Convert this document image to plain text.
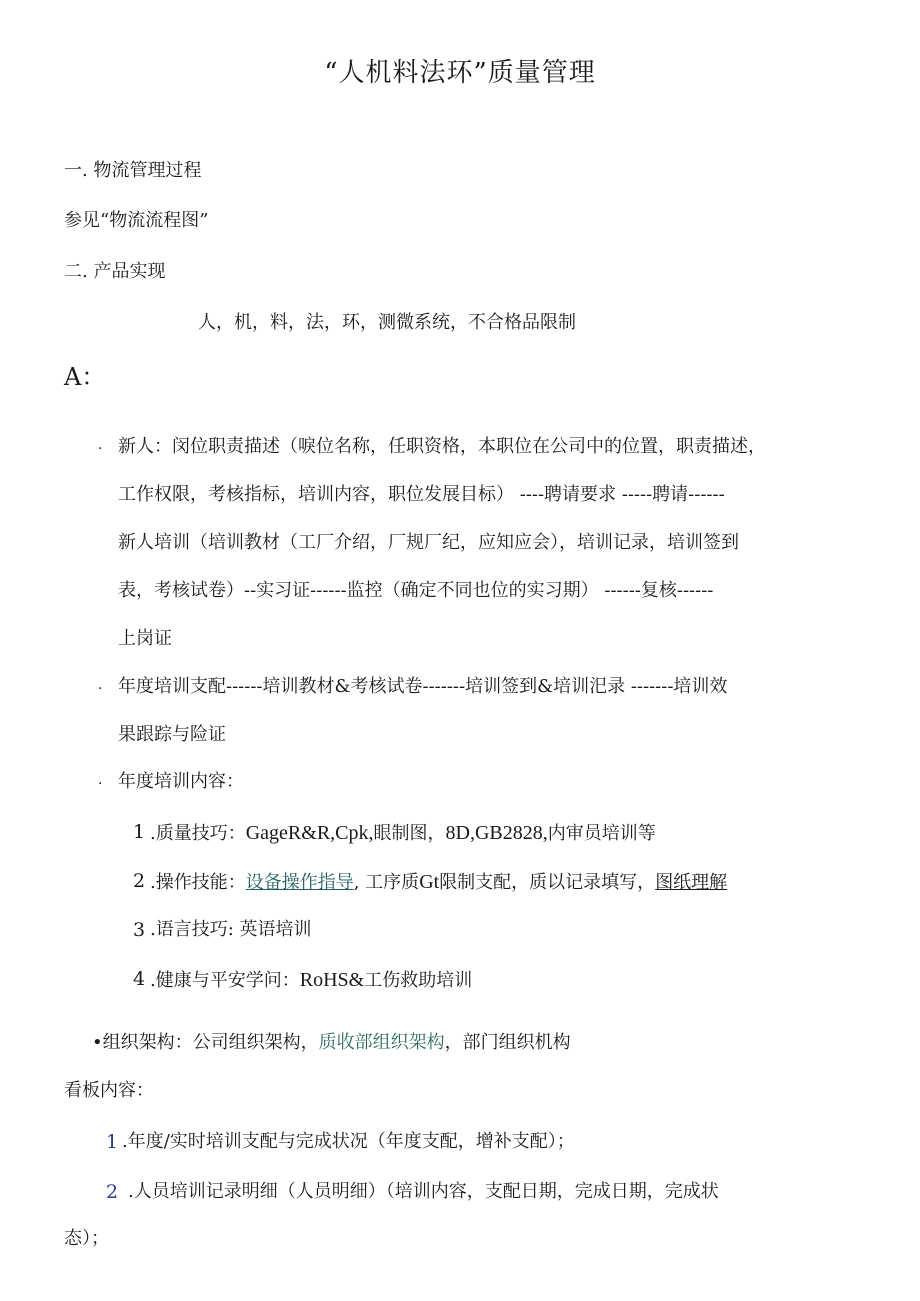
“人机料法环”质量管理
一. 物流管理过程
参见“物流流程图”
二. 产品实现
人，机，料，法，环，测微系统，不合格品限制
A：
· 新人：闵位职责描述（唳位名称，任职资格，本职位在公司中的位置，职责描述，
工作权限，考核指标，培训内容，职位发展目标） ----聘请要求 -----聘请------
新人培训（培训教材（工厂介绍，厂规厂纪，应知应会），培训记录，培训签到
表，考核试卷）--实习证------监控（确定不同也位的实习期） ------复核------
上岗证
· 年度培训支配------培训教材&考核试卷-------培训签到&培训汜录 -------培训效
果跟踪与险证
· 年度培训内容：
1 .质量技巧：GageR&R,Cpk,眼制图，8D,GB2828,内审员培训等
2 .操作技能：设备操作指导, 工序质Gt限制支配，质以记录填写，图纸理解
3 .语言技巧: 英语培训
4 .健康与平安学问：RoHS&工伤救助培训
•组织架构：公司组织架构，质收部组织架构，部门组织机构
看板内容：
1 .年度/实时培训支配与完成状况（年度支配，增补支配）；
2 .人员培训记录明细（人员明细）（培训内容，支配日期，完成日期，完成状
态）；
